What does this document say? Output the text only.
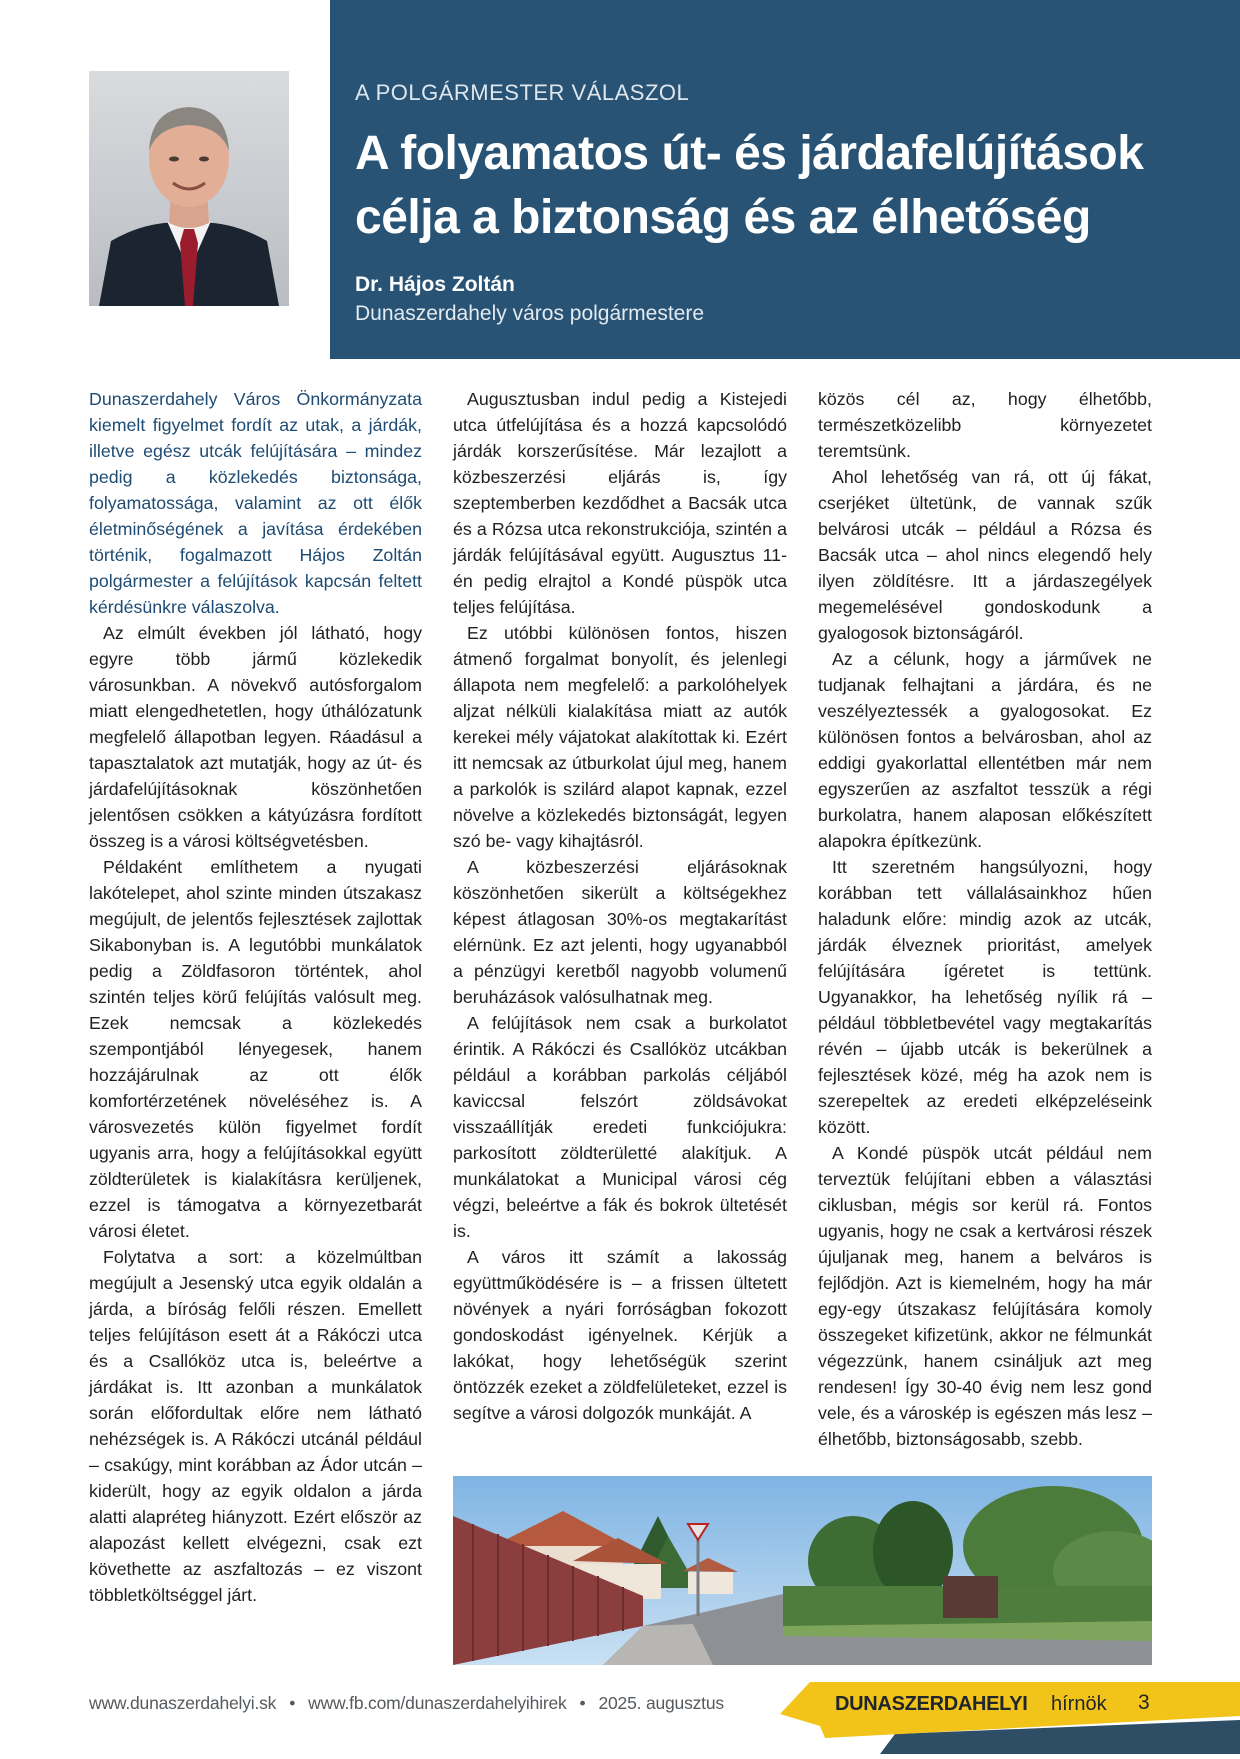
A POLGÁRMESTER VÁLASZOL
A folyamatos út- és járdafelújítások célja a biztonság és az élhetőség
Dr. Hájos Zoltán
Dunaszerdahely város polgármestere

Dunaszerdahely Város Önkormányzata kiemelt figyelmet fordít az utak, a járdák, illetve egész utcák felújítására – mindez pedig a közlekedés biztonsága, folyamatossága, valamint az ott élők életminőségének a javítása érdekében történik, fogalmazott Hájos Zoltán polgármester a felújítások kapcsán feltett kérdésünkre válaszolva.

Az elmúlt években jól látható, hogy egyre több jármű közlekedik városunkban. A növekvő autósforgalom miatt elengedhetetlen, hogy úthálózatunk megfelelő állapotban legyen. Ráadásul a tapasztalatok azt mutatják, hogy az út- és járdafelújításoknak köszönhetően jelentősen csökken a kátyúzásra fordított összeg is a városi költségvetésben.

Példaként említhetem a nyugati lakótelepet, ahol szinte minden útszakasz megújult, de jelentős fejlesztések zajlottak Sikabonyban is. A legutóbbi munkálatok pedig a Zöldfasoron történtek, ahol szintén teljes körű felújítás valósult meg. Ezek nemcsak a közlekedés szempontjából lényegesek, hanem hozzájárulnak az ott élők komfortérzetének növeléséhez is. A városvezetés külön figyelmet fordít ugyanis arra, hogy a felújításokkal együtt zöldterületek is kialakításra kerüljenek, ezzel is támogatva a környezetbarát városi életet.

Folytatva a sort: a közelmúltban megújult a Jesenský utca egyik oldalán a járda, a bíróság felőli részen. Emellett teljes felújításon esett át a Rákóczi utca és a Csallóköz utca is, beleértve a járdákat is. Itt azonban a munkálatok során előfordultak előre nem látható nehézségek is. A Rákóczi utcánál például – csakúgy, mint korábban az Ádor utcán – kiderült, hogy az egyik oldalon a járda alatti alapréteg hiányzott. Ezért először az alapozást kellett elvégezni, csak ezt követhette az aszfaltozás – ez viszont többletköltséggel járt.

Augusztusban indul pedig a Kistejedi utca útfelújítása és a hozzá kapcsolódó járdák korszerűsítése. Már lezajlott a közbeszerzési eljárás is, így szeptemberben kezdődhet a Bacsák utca és a Rózsa utca rekonstrukciója, szintén a járdák felújításával együtt. Augusztus 11-én pedig elrajtol a Kondé püspök utca teljes felújítása.

Ez utóbbi különösen fontos, hiszen átmenő forgalmat bonyolít, és jelenlegi állapota nem megfelelő: a parkolóhelyek aljzat nélküli kialakítása miatt az autók kerekei mély vájatokat alakítottak ki. Ezért itt nemcsak az útburkolat újul meg, hanem a parkolók is szilárd alapot kapnak, ezzel növelve a közlekedés biztonságát, legyen szó be- vagy kihajtásról.

A közbeszerzési eljárásoknak köszönhetően sikerült a költségekhez képest átlagosan 30%-os megtakarítást elérnünk. Ez azt jelenti, hogy ugyanabból a pénzügyi keretből nagyobb volumenű beruházások valósulhatnak meg.

A felújítások nem csak a burkolatot érintik. A Rákóczi és Csallóköz utcákban például a korábban parkolás céljából kaviccsal felszórt zöldsávokat visszaállítják eredeti funkciójukra: parkosított zöldterületté alakítjuk. A munkálatokat a Municipal városi cég végzi, beleértve a fák és bokrok ültetését is.

A város itt számít a lakosság együttműködésére is – a frissen ültetett növények a nyári forróságban fokozott gondoskodást igényelnek. Kérjük a lakókat, hogy lehetőségük szerint öntözzék ezeket a zöldfelületeket, ezzel is segítve a városi dolgozók munkáját. A

közös cél az, hogy élhetőbb, természetközelibb környezetet teremtsünk.

Ahol lehetőség van rá, ott új fákat, cserjéket ültetünk, de vannak szűk belvárosi utcák – például a Rózsa és Bacsák utca – ahol nincs elegendő hely ilyen zöldítésre. Itt a járdaszegélyek megemelésével gondoskodunk a gyalogosok biztonságáról.

Az a célunk, hogy a járművek ne tudjanak felhajtani a járdára, és ne veszélyeztessék a gyalogosokat. Ez különösen fontos a belvárosban, ahol az eddigi gyakorlattal ellentétben már nem egyszerűen az aszfaltot tesszük a régi burkolatra, hanem alaposan előkészített alapokra építkezünk.

Itt szeretném hangsúlyozni, hogy korábban tett vállalásainkhoz hűen haladunk előre: mindig azok az utcák, járdák élveznek prioritást, amelyek felújítására ígéretet is tettünk. Ugyanakkor, ha lehetőség nyílik rá – például többletbevétel vagy megtakarítás révén – újabb utcák is bekerülnek a fejlesztések közé, még ha azok nem is szerepeltek az eredeti elképzeléseink között.

A Kondé püspök utcát például nem terveztük felújítani ebben a választási ciklusban, mégis sor kerül rá. Fontos ugyanis, hogy ne csak a kertvárosi részek újuljanak meg, hanem a belváros is fejlődjön. Azt is kiemelném, hogy ha már egy-egy útszakasz felújítására komoly összegeket kifizetünk, akkor ne félmunkát végezzünk, hanem csináljuk azt meg rendesen! Így 30-40 évig nem lesz gond vele, és a városkép is egészen más lesz – élhetőbb, biztonságosabb, szebb.

www.dunaszerdahelyi.sk • www.fb.com/dunaszerdahelyihirek • 2025. augusztus	DUNASZERDAHELYI hírnök 3
